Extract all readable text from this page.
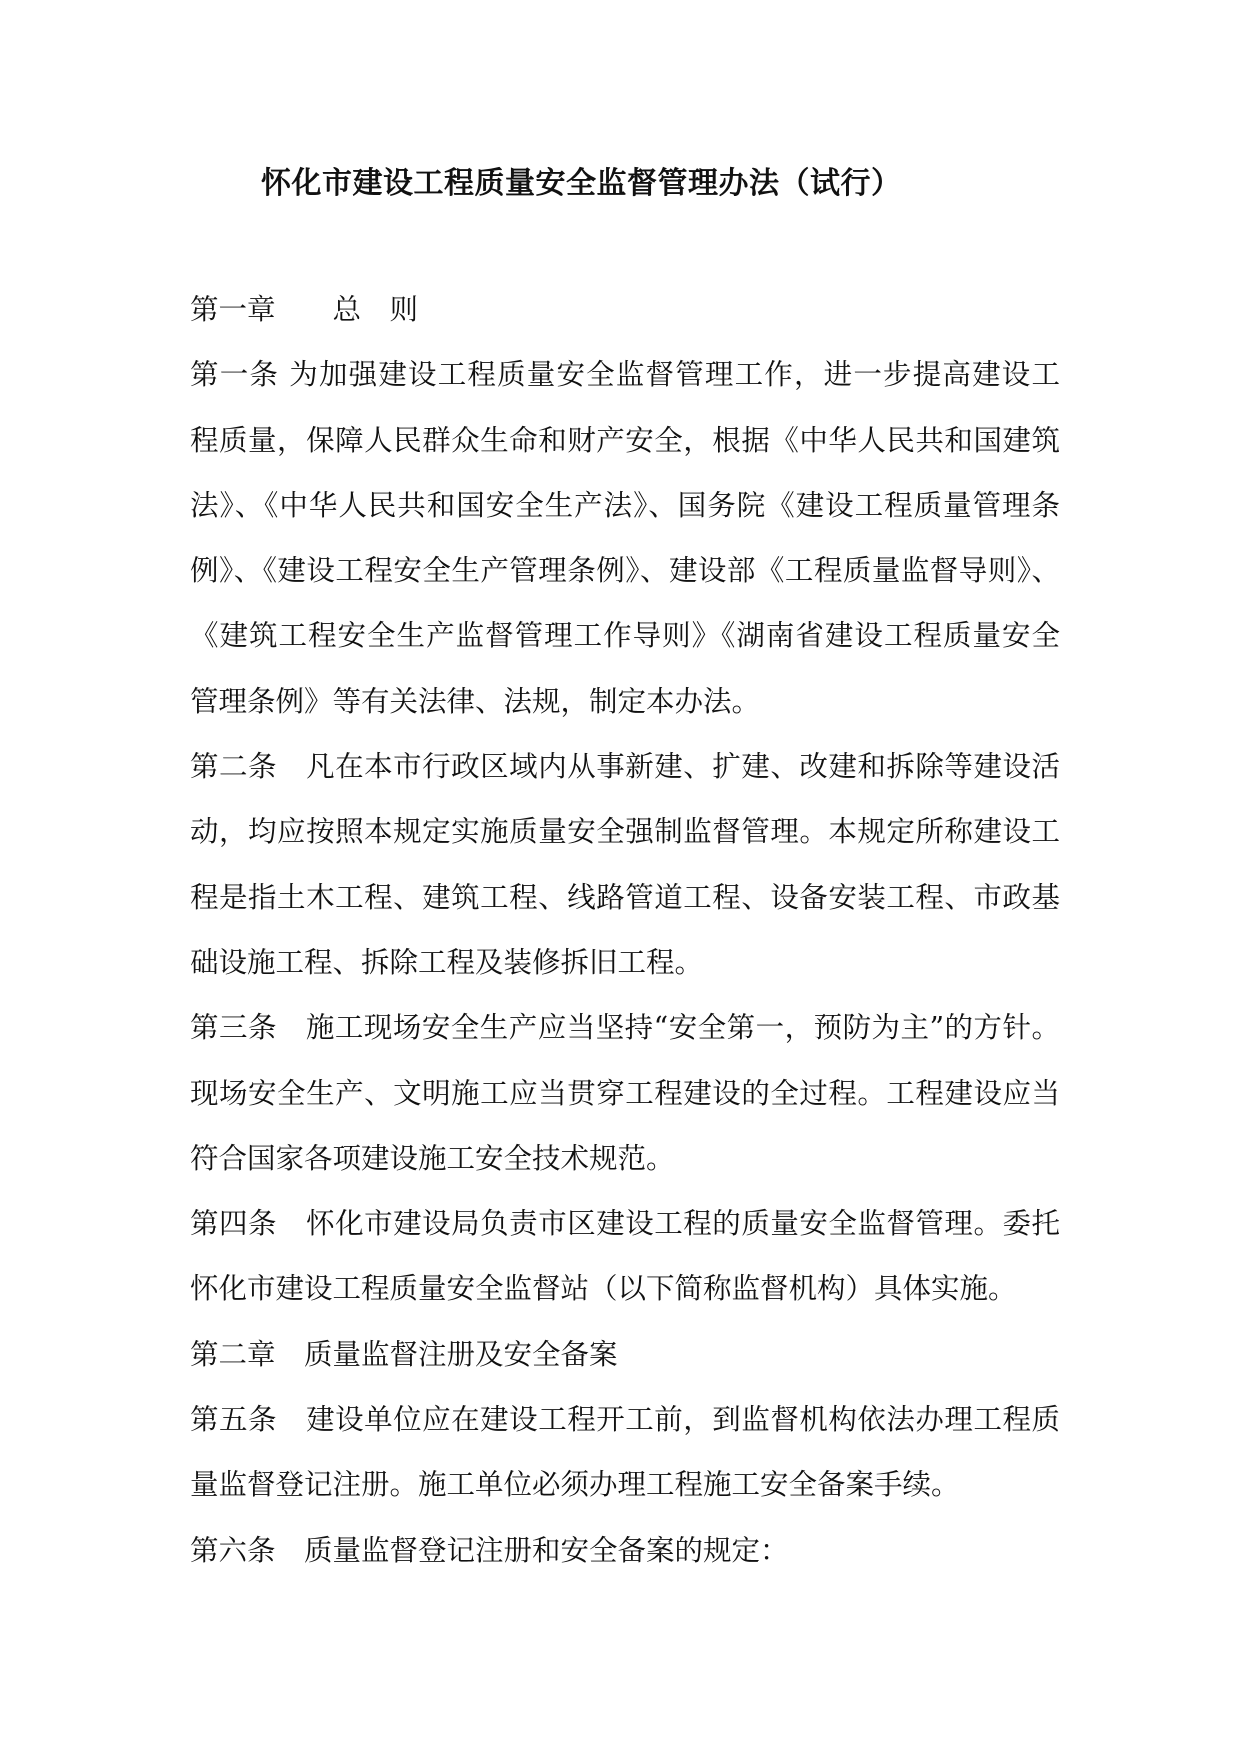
怀化市建设工程质量安全监督管理办法（试行）
第一章　　总　则
第一条 为加强建设工程质量安全监督管理工作，进一步提高建设工
程质量，保障人民群众生命和财产安全，根据《中华人民共和国建筑
法》、《中华人民共和国安全生产法》、国务院《建设工程质量管理条
例》、《建设工程安全生产管理条例》、建设部《工程质量监督导则》、
《建筑工程安全生产监督管理工作导则》《湖南省建设工程质量安全
管理条例》等有关法律、法规，制定本办法。
第二条　凡在本市行政区域内从事新建、扩建、改建和拆除等建设活
动，均应按照本规定实施质量安全强制监督管理。本规定所称建设工
程是指土木工程、建筑工程、线路管道工程、设备安装工程、市政基
础设施工程、拆除工程及装修拆旧工程。
第三条　施工现场安全生产应当坚持“安全第一，预防为主”的方针。
现场安全生产、文明施工应当贯穿工程建设的全过程。工程建设应当
符合国家各项建设施工安全技术规范。
第四条　怀化市建设局负责市区建设工程的质量安全监督管理。委托
怀化市建设工程质量安全监督站（以下简称监督机构）具体实施。
第二章　质量监督注册及安全备案
第五条　建设单位应在建设工程开工前，到监督机构依法办理工程质
量监督登记注册。施工单位必须办理工程施工安全备案手续。
第六条　质量监督登记注册和安全备案的规定：
